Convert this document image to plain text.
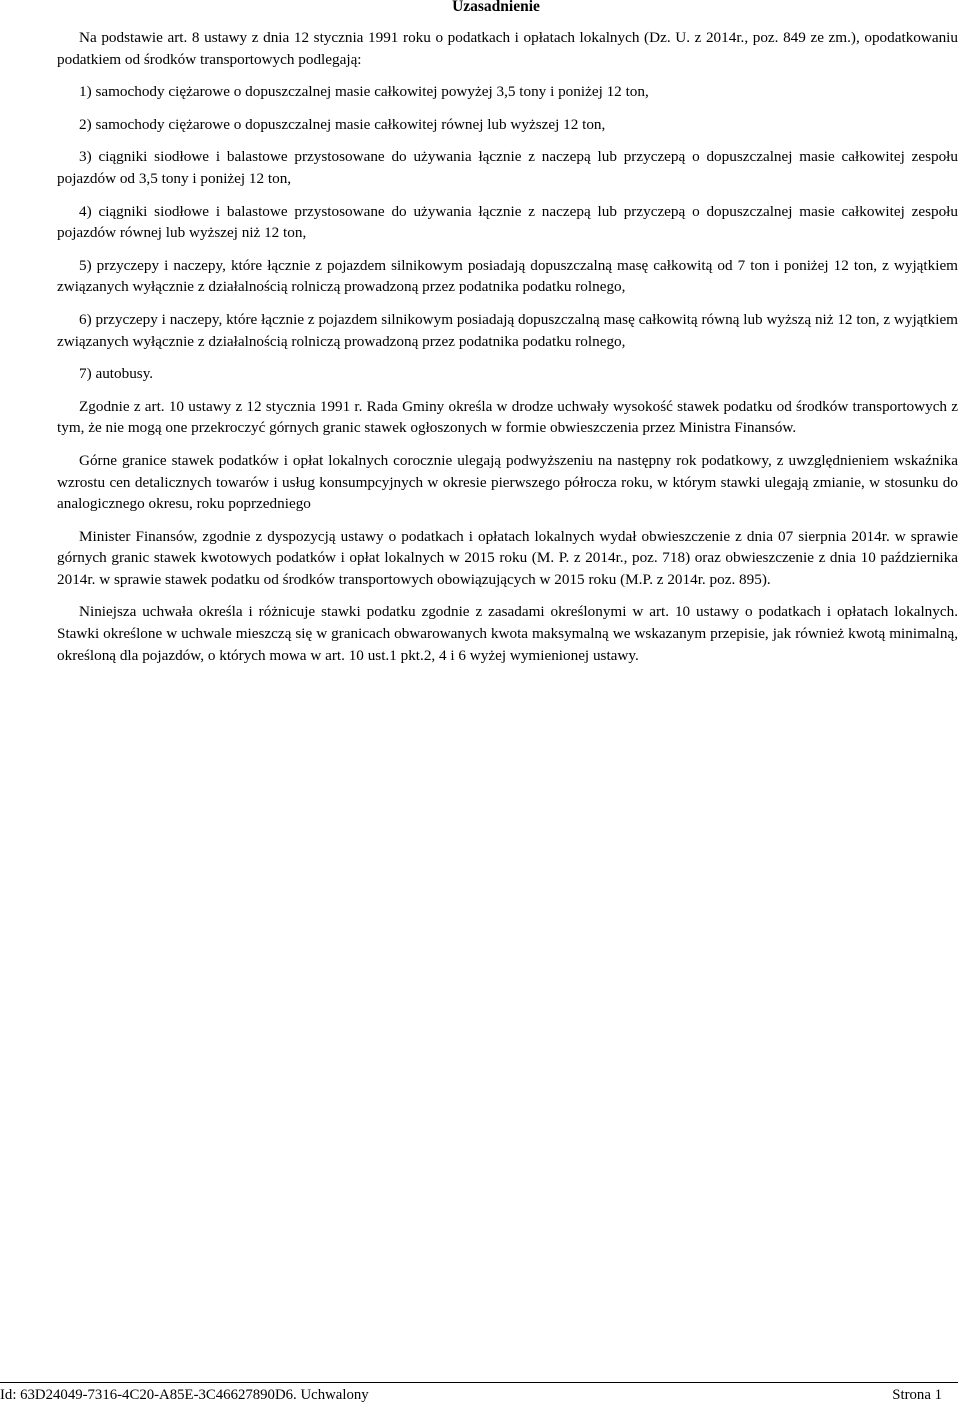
Uzasadnienie

Na podstawie art. 8 ustawy z dnia 12 stycznia 1991 roku o podatkach i opłatach lokalnych (Dz. U. z 2014r., poz. 849 ze zm.), opodatkowaniu podatkiem od środków transportowych podlegają:

1) samochody ciężarowe o dopuszczalnej masie całkowitej powyżej 3,5 tony i poniżej 12 ton,

2) samochody ciężarowe o dopuszczalnej masie całkowitej równej lub wyższej 12 ton,

3) ciągniki siodłowe i balastowe przystosowane do używania łącznie z naczepą lub przyczepą o dopuszczalnej masie całkowitej zespołu pojazdów od 3,5 tony i poniżej 12 ton,

4) ciągniki siodłowe i balastowe przystosowane do używania łącznie z naczepą lub przyczepą o dopuszczalnej masie całkowitej zespołu pojazdów równej lub wyższej niż 12 ton,

5) przyczepy i naczepy, które łącznie z pojazdem silnikowym posiadają dopuszczalną masę całkowitą od 7 ton i poniżej 12 ton, z wyjątkiem związanych wyłącznie z działalnością rolniczą prowadzoną przez podatnika podatku rolnego,

6) przyczepy i naczepy, które łącznie z pojazdem silnikowym posiadają dopuszczalną masę całkowitą równą lub wyższą niż 12 ton, z wyjątkiem związanych wyłącznie z działalnością rolniczą prowadzoną przez podatnika podatku rolnego,

7) autobusy.

Zgodnie z art. 10 ustawy z 12 stycznia 1991 r. Rada Gminy określa w drodze uchwały wysokość stawek podatku od środków transportowych z tym, że nie mogą one przekroczyć górnych granic stawek ogłoszonych w formie obwieszczenia przez Ministra Finansów.

Górne granice stawek podatków i opłat lokalnych corocznie ulegają podwyższeniu na następny rok podatkowy, z uwzględnieniem wskaźnika wzrostu cen detalicznych towarów i usług konsumpcyjnych w okresie pierwszego półrocza roku, w którym stawki ulegają zmianie, w stosunku do analogicznego okresu, roku poprzedniego

Minister Finansów, zgodnie z dyspozycją ustawy o podatkach i opłatach lokalnych wydał obwieszczenie z dnia 07 sierpnia 2014r. w sprawie górnych granic stawek kwotowych podatków i opłat lokalnych w 2015 roku (M. P. z 2014r., poz. 718) oraz obwieszczenie z dnia 10 października 2014r. w sprawie stawek podatku od środków transportowych obowiązujących w 2015 roku (M.P. z 2014r. poz. 895).

Niniejsza uchwała określa i różnicuje stawki podatku zgodnie z zasadami określonymi w art. 10 ustawy o podatkach i opłatach lokalnych. Stawki określone w uchwale mieszczą się w granicach obwarowanych kwota maksymalną we wskazanym przepisie, jak również kwotą minimalną, określoną dla pojazdów, o których mowa w art. 10 ust.1 pkt.2, 4 i 6 wyżej wymienionej ustawy.

Id: 63D24049-7316-4C20-A85E-3C46627890D6. Uchwalony	Strona 1
